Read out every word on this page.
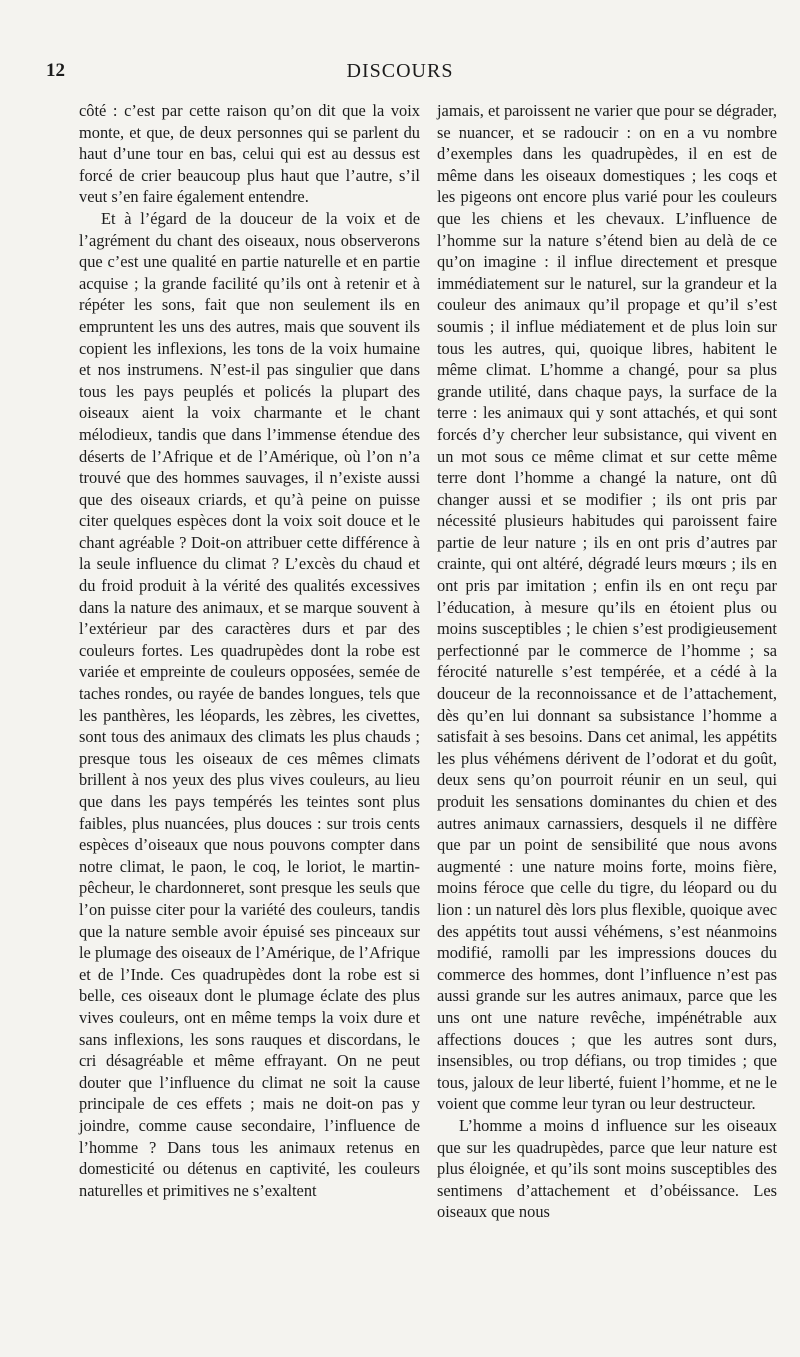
12	DISCOURS

côté : c’est par cette raison qu’on dit que la voix monte, et que, de deux personnes qui se parlent du haut d’une tour en bas, celui qui est au dessus est forcé de crier beaucoup plus haut que l’autre, s’il veut s’en faire également entendre.

Et à l’égard de la douceur de la voix et de l’agrément du chant des oiseaux, nous observerons que c’est une qualité en partie naturelle et en partie acquise ; la grande facilité qu’ils ont à retenir et à répéter les sons, fait que non seulement ils en empruntent les uns des autres, mais que souvent ils copient les inflexions, les tons de la voix humaine et nos instrumens. N’est-il pas singulier que dans tous les pays peuplés et policés la plupart des oiseaux aient la voix charmante et le chant mélodieux, tandis que dans l’immense étendue des déserts de l’Afrique et de l’Amérique, où l’on n’a trouvé que des hommes sauvages, il n’existe aussi que des oiseaux criards, et qu’à peine on puisse citer quelques espèces dont la voix soit douce et le chant agréable ? Doit-on attribuer cette différence à la seule influence du climat ? L’excès du chaud et du froid produit à la vérité des qualités excessives dans la nature des animaux, et se marque souvent à l’extérieur par des caractères durs et par des couleurs fortes. Les quadrupèdes dont la robe est variée et empreinte de couleurs opposées, semée de taches rondes, ou rayée de bandes longues, tels que les panthères, les léopards, les zèbres, les civettes, sont tous des animaux des climats les plus chauds ; presque tous les oiseaux de ces mêmes climats brillent à nos yeux des plus vives couleurs, au lieu que dans les pays tempérés les teintes sont plus faibles, plus nuancées, plus douces : sur trois cents espèces d’oiseaux que nous pouvons compter dans notre climat, le paon, le coq, le loriot, le martin-pêcheur, le chardonneret, sont presque les seuls que l’on puisse citer pour la variété des couleurs, tandis que la nature semble avoir épuisé ses pinceaux sur le plumage des oiseaux de l’Amérique, de l’Afrique et de l’Inde. Ces quadrupèdes dont la robe est si belle, ces oiseaux dont le plumage éclate des plus vives couleurs, ont en même temps la voix dure et sans inflexions, les sons rauques et discordans, le cri désagréable et même effrayant. On ne peut douter que l’influence du climat ne soit la cause principale de ces effets ; mais ne doit-on pas y joindre, comme cause secondaire, l’influence de l’homme ? Dans tous les animaux retenus en domesticité ou détenus en captivité, les couleurs naturelles et primitives ne s’exaltent

jamais, et paroissent ne varier que pour se dégrader, se nuancer, et se radoucir : on en a vu nombre d’exemples dans les quadrupèdes, il en est de même dans les oiseaux domestiques ; les coqs et les pigeons ont encore plus varié pour les couleurs que les chiens et les chevaux. L’influence de l’homme sur la nature s’étend bien au delà de ce qu’on imagine : il influe directement et presque immédiatement sur le naturel, sur la grandeur et la couleur des animaux qu’il propage et qu’il s’est soumis ; il influe médiatement et de plus loin sur tous les autres, qui, quoique libres, habitent le même climat. L’homme a changé, pour sa plus grande utilité, dans chaque pays, la surface de la terre : les animaux qui y sont attachés, et qui sont forcés d’y chercher leur subsistance, qui vivent en un mot sous ce même climat et sur cette même terre dont l’homme a changé la nature, ont dû changer aussi et se modifier ; ils ont pris par nécessité plusieurs habitudes qui paroissent faire partie de leur nature ; ils en ont pris d’autres par crainte, qui ont altéré, dégradé leurs mœurs ; ils en ont pris par imitation ; enfin ils en ont reçu par l’éducation, à mesure qu’ils en étoient plus ou moins susceptibles ; le chien s’est prodigieusement perfectionné par le commerce de l’homme ; sa férocité naturelle s’est tempérée, et a cédé à la douceur de la reconnoissance et de l’attachement, dès qu’en lui donnant sa subsistance l’homme a satisfait à ses besoins. Dans cet animal, les appétits les plus véhémens dérivent de l’odorat et du goût, deux sens qu’on pourroit réunir en un seul, qui produit les sensations dominantes du chien et des autres animaux carnassiers, desquels il ne diffère que par un point de sensibilité que nous avons augmenté : une nature moins forte, moins fière, moins féroce que celle du tigre, du léopard ou du lion : un naturel dès lors plus flexible, quoique avec des appétits tout aussi véhémens, s’est néanmoins modifié, ramolli par les impressions douces du commerce des hommes, dont l’influence n’est pas aussi grande sur les autres animaux, parce que les uns ont une nature revêche, impénétrable aux affections douces ; que les autres sont durs, insensibles, ou trop défians, ou trop timides ; que tous, jaloux de leur liberté, fuient l’homme, et ne le voient que comme leur tyran ou leur destructeur.

L’homme a moins d influence sur les oiseaux que sur les quadrupèdes, parce que leur nature est plus éloignée, et qu’ils sont moins susceptibles des sentimens d’attachement et d’obéissance. Les oiseaux que nous
